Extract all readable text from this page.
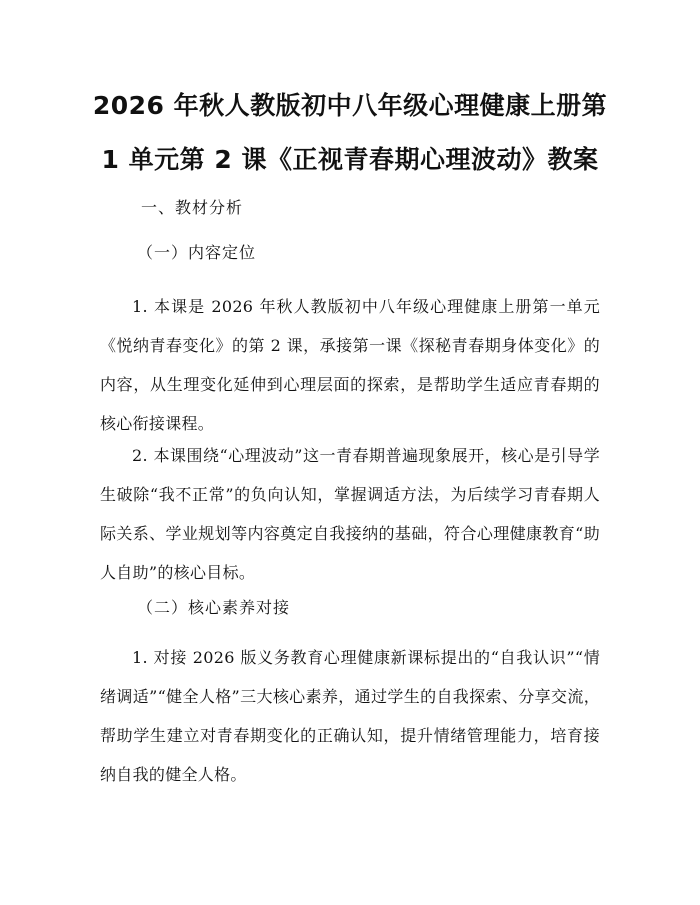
2026 年秋人教版初中八年级心理健康上册第
1 单元第 2 课《正视青春期心理波动》教案
一、教材分析
（一）内容定位
1. 本课是 2026 年秋人教版初中八年级心理健康上册第一单元《悦纳青春变化》的第 2 课，承接第一课《探秘青春期身体变化》的内容，从生理变化延伸到心理层面的探索，是帮助学生适应青春期的核心衔接课程。
2. 本课围绕“心理波动”这一青春期普遍现象展开，核心是引导学生破除“我不正常”的负向认知，掌握调适方法，为后续学习青春期人际关系、学业规划等内容奠定自我接纳的基础，符合心理健康教育“助人自助”的核心目标。
（二）核心素养对接
1. 对接 2026 版义务教育心理健康新课标提出的“自我认识”“情绪调适”“健全人格”三大核心素养，通过学生的自我探索、分享交流，帮助学生建立对青春期变化的正确认知，提升情绪管理能力，培育接纳自我的健全人格。
